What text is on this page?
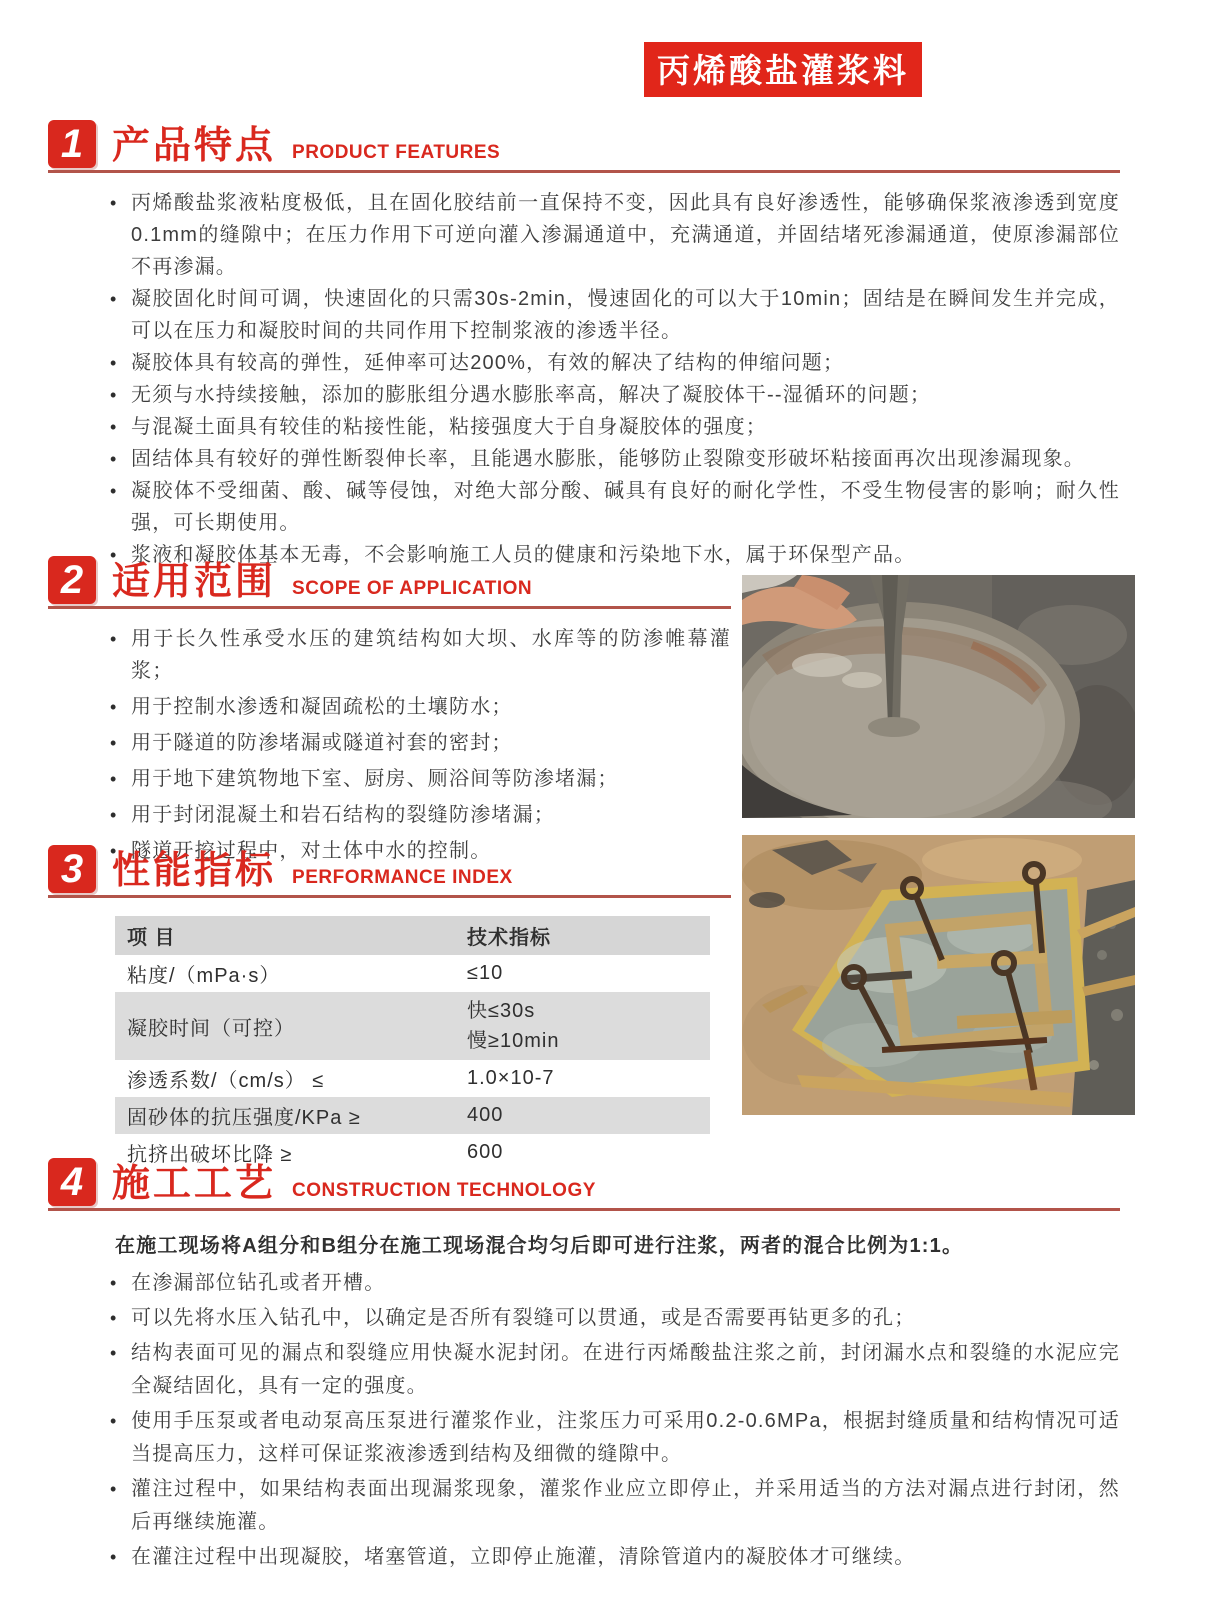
丙烯酸盐灌浆料
1 产品特点 PRODUCT FEATURES
• 丙烯酸盐浆液粘度极低，且在固化胶结前一直保持不变，因此具有良好渗透性，能够确保浆液渗透到宽度0.1mm的缝隙中；在压力作用下可逆向灌入渗漏通道中，充满通道，并固结堵死渗漏通道，使原渗漏部位不再渗漏。
• 凝胶固化时间可调，快速固化的只需30s-2min，慢速固化的可以大于10min；固结是在瞬间发生并完成，可以在压力和凝胶时间的共同作用下控制浆液的渗透半径。
• 凝胶体具有较高的弹性，延伸率可达200%，有效的解决了结构的伸缩问题；
• 无须与水持续接触，添加的膨胀组分遇水膨胀率高，解决了凝胶体干--湿循环的问题；
• 与混凝土面具有较佳的粘接性能，粘接强度大于自身凝胶体的强度；
• 固结体具有较好的弹性断裂伸长率，且能遇水膨胀，能够防止裂隙变形破坏粘接面再次出现渗漏现象。
• 凝胶体不受细菌、酸、碱等侵蚀，对绝大部分酸、碱具有良好的耐化学性，不受生物侵害的影响；耐久性强，可长期使用。
• 浆液和凝胶体基本无毒，不会影响施工人员的健康和污染地下水，属于环保型产品。
2 适用范围 SCOPE OF APPLICATION
• 用于长久性承受水压的建筑结构如大坝、水库等的防渗帷幕灌浆；
• 用于控制水渗透和凝固疏松的土壤防水；
• 用于隧道的防渗堵漏或隧道衬套的密封；
• 用于地下建筑物地下室、厨房、厕浴间等防渗堵漏；
• 用于封闭混凝土和岩石结构的裂缝防渗堵漏；
• 隧道开挖过程中，对土体中水的控制。
3 性能指标 PERFORMANCE INDEX
项 目	技术指标
粘度/（mPa·s）	≤10
凝胶时间（可控）	快≤30s
慢≥10min

渗透系数/（cm/s） ≤	1.0×10-7
固砂体的抗压强度/KPa ≥	400
抗挤出破坏比降 ≥	600
4 施工工艺 CONSTRUCTION TECHNOLOGY
在施工现场将A组分和B组分在施工现场混合均匀后即可进行注浆，两者的混合比例为1:1。
• 在渗漏部位钻孔或者开槽。
• 可以先将水压入钻孔中，以确定是否所有裂缝可以贯通，或是否需要再钻更多的孔；
• 结构表面可见的漏点和裂缝应用快凝水泥封闭。在进行丙烯酸盐注浆之前，封闭漏水点和裂缝的水泥应完全凝结固化，具有一定的强度。
• 使用手压泵或者电动泵高压泵进行灌浆作业，注浆压力可采用0.2-0.6MPa，根据封缝质量和结构情况可适当提高压力，这样可保证浆液渗透到结构及细微的缝隙中。
• 灌注过程中，如果结构表面出现漏浆现象，灌浆作业应立即停止，并采用适当的方法对漏点进行封闭，然后再继续施灌。
• 在灌注过程中出现凝胶，堵塞管道，立即停止施灌，清除管道内的凝胶体才可继续。
